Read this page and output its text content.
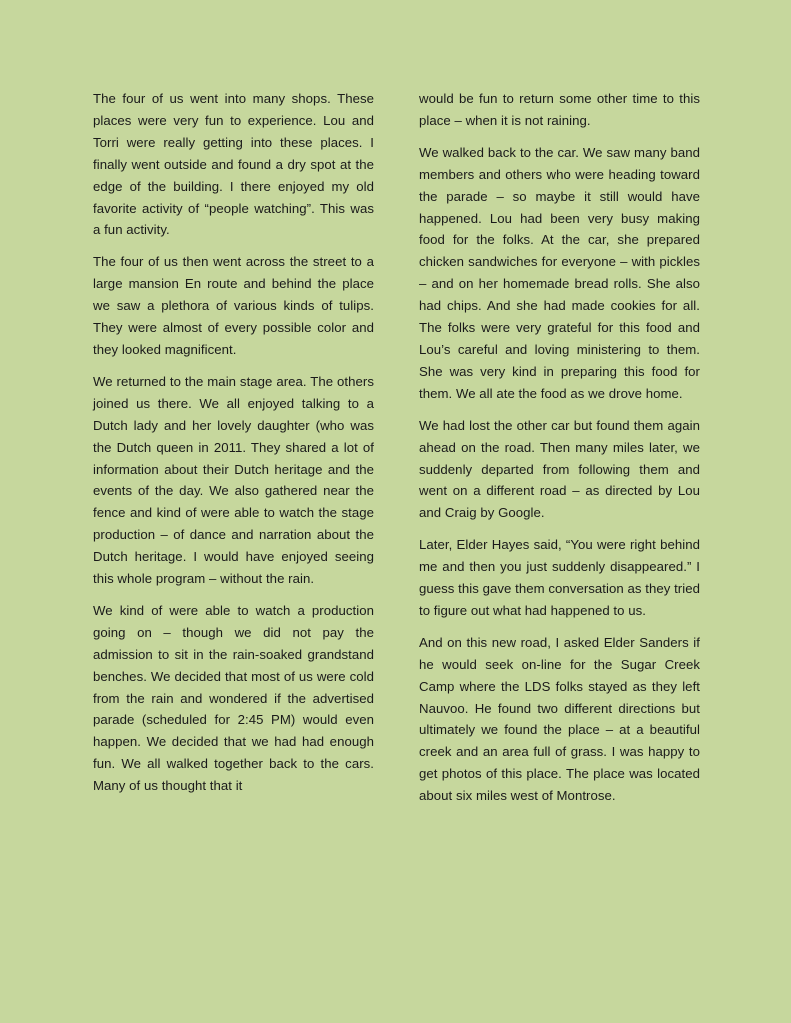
The four of us went into many shops. These places were very fun to experience. Lou and Torri were really getting into these places. I finally went outside and found a dry spot at the edge of the building. I there enjoyed my old favorite activity of “people watching”. This was a fun activity.

The four of us then went across the street to a large mansion En route and behind the place we saw a plethora of various kinds of tulips. They were almost of every possible color and they looked magnificent.

We returned to the main stage area. The others joined us there. We all enjoyed talking to a Dutch lady and her lovely daughter (who was the Dutch queen in 2011. They shared a lot of information about their Dutch heritage and the events of the day. We also gathered near the fence and kind of were able to watch the stage production – of dance and narration about the Dutch heritage. I would have enjoyed seeing this whole program – without the rain.

We kind of were able to watch a production going on – though we did not pay the admission to sit in the rain-soaked grandstand benches. We decided that most of us were cold from the rain and wondered if the advertised parade (scheduled for 2:45 PM) would even happen. We decided that we had had enough fun. We all walked together back to the cars. Many of us thought that it

would be fun to return some other time to this place – when it is not raining.

We walked back to the car. We saw many band members and others who were heading toward the parade – so maybe it still would have happened. Lou had been very busy making food for the folks. At the car, she prepared chicken sandwiches for everyone – with pickles – and on her homemade bread rolls. She also had chips. And she had made cookies for all. The folks were very grateful for this food and Lou’s careful and loving ministering to them. She was very kind in preparing this food for them. We all ate the food as we drove home.

We had lost the other car but found them again ahead on the road. Then many miles later, we suddenly departed from following them and went on a different road – as directed by Lou and Craig by Google.

Later, Elder Hayes said, “You were right behind me and then you just suddenly disappeared.” I guess this gave them conversation as they tried to figure out what had happened to us.

And on this new road, I asked Elder Sanders if he would seek on-line for the Sugar Creek Camp where the LDS folks stayed as they left Nauvoo. He found two different directions but ultimately we found the place – at a beautiful creek and an area full of grass. I was happy to get photos of this place. The place was located about six miles west of Montrose.
